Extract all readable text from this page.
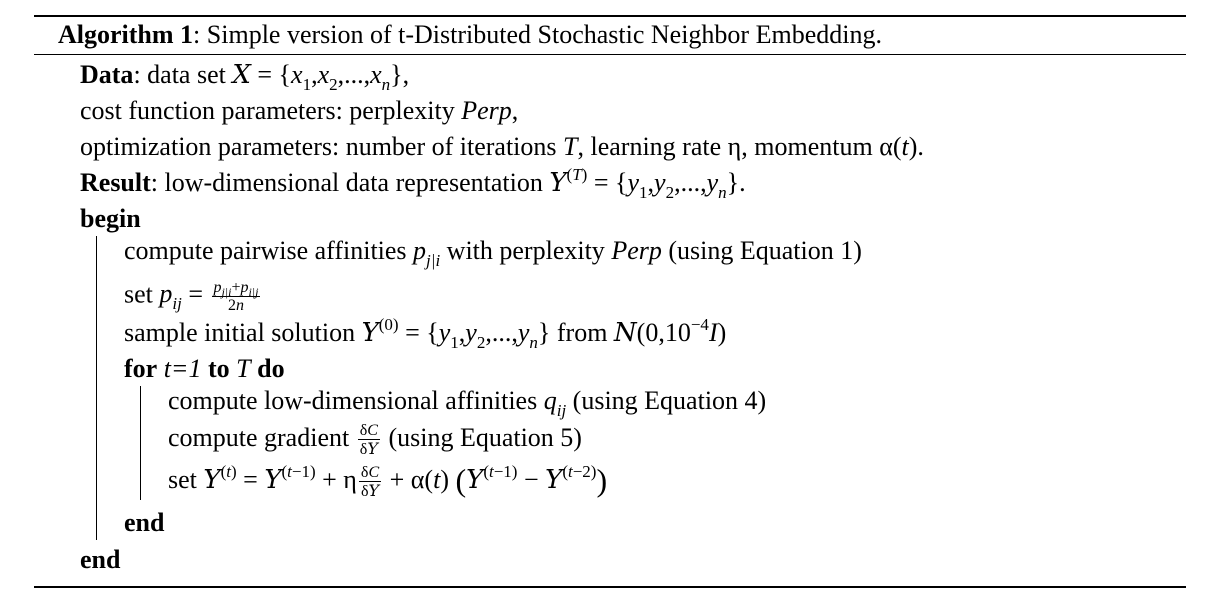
Algorithm 1: Simple version of t-Distributed Stochastic Neighbor Embedding.
Data: data set $X = \{x_1,x_2,...,x_n\}$,
cost function parameters: perplexity Perp,
optimization parameters: number of iterations T, learning rate η, momentum α(t).
Result: low-dimensional data representation $Y^{(T)} = \{y_1,y_2,...,y_n\}$.
begin
compute pairwise affinities $p_{j|i}$ with perplexity Perp (using Equation 1)
set $p_{ij} = \frac{p_{j|i}+p_{i|j}}{2n}$
sample initial solution $Y^{(0)} = \{y_1,y_2,...,y_n\}$ from $N(0,10^{-4}I)$
for t=1 to T do
compute low-dimensional affinities $q_{ij}$ (using Equation 4)
compute gradient $\frac{\delta C}{\delta Y} (using$ Equation 5)
set $Y^{(t)} = Y^{(t-1)} + \eta \frac{\delta C}{\delta Y} + \alpha(t) (Y^{(t-1)} - Y^{(t-2)})$
end
end
